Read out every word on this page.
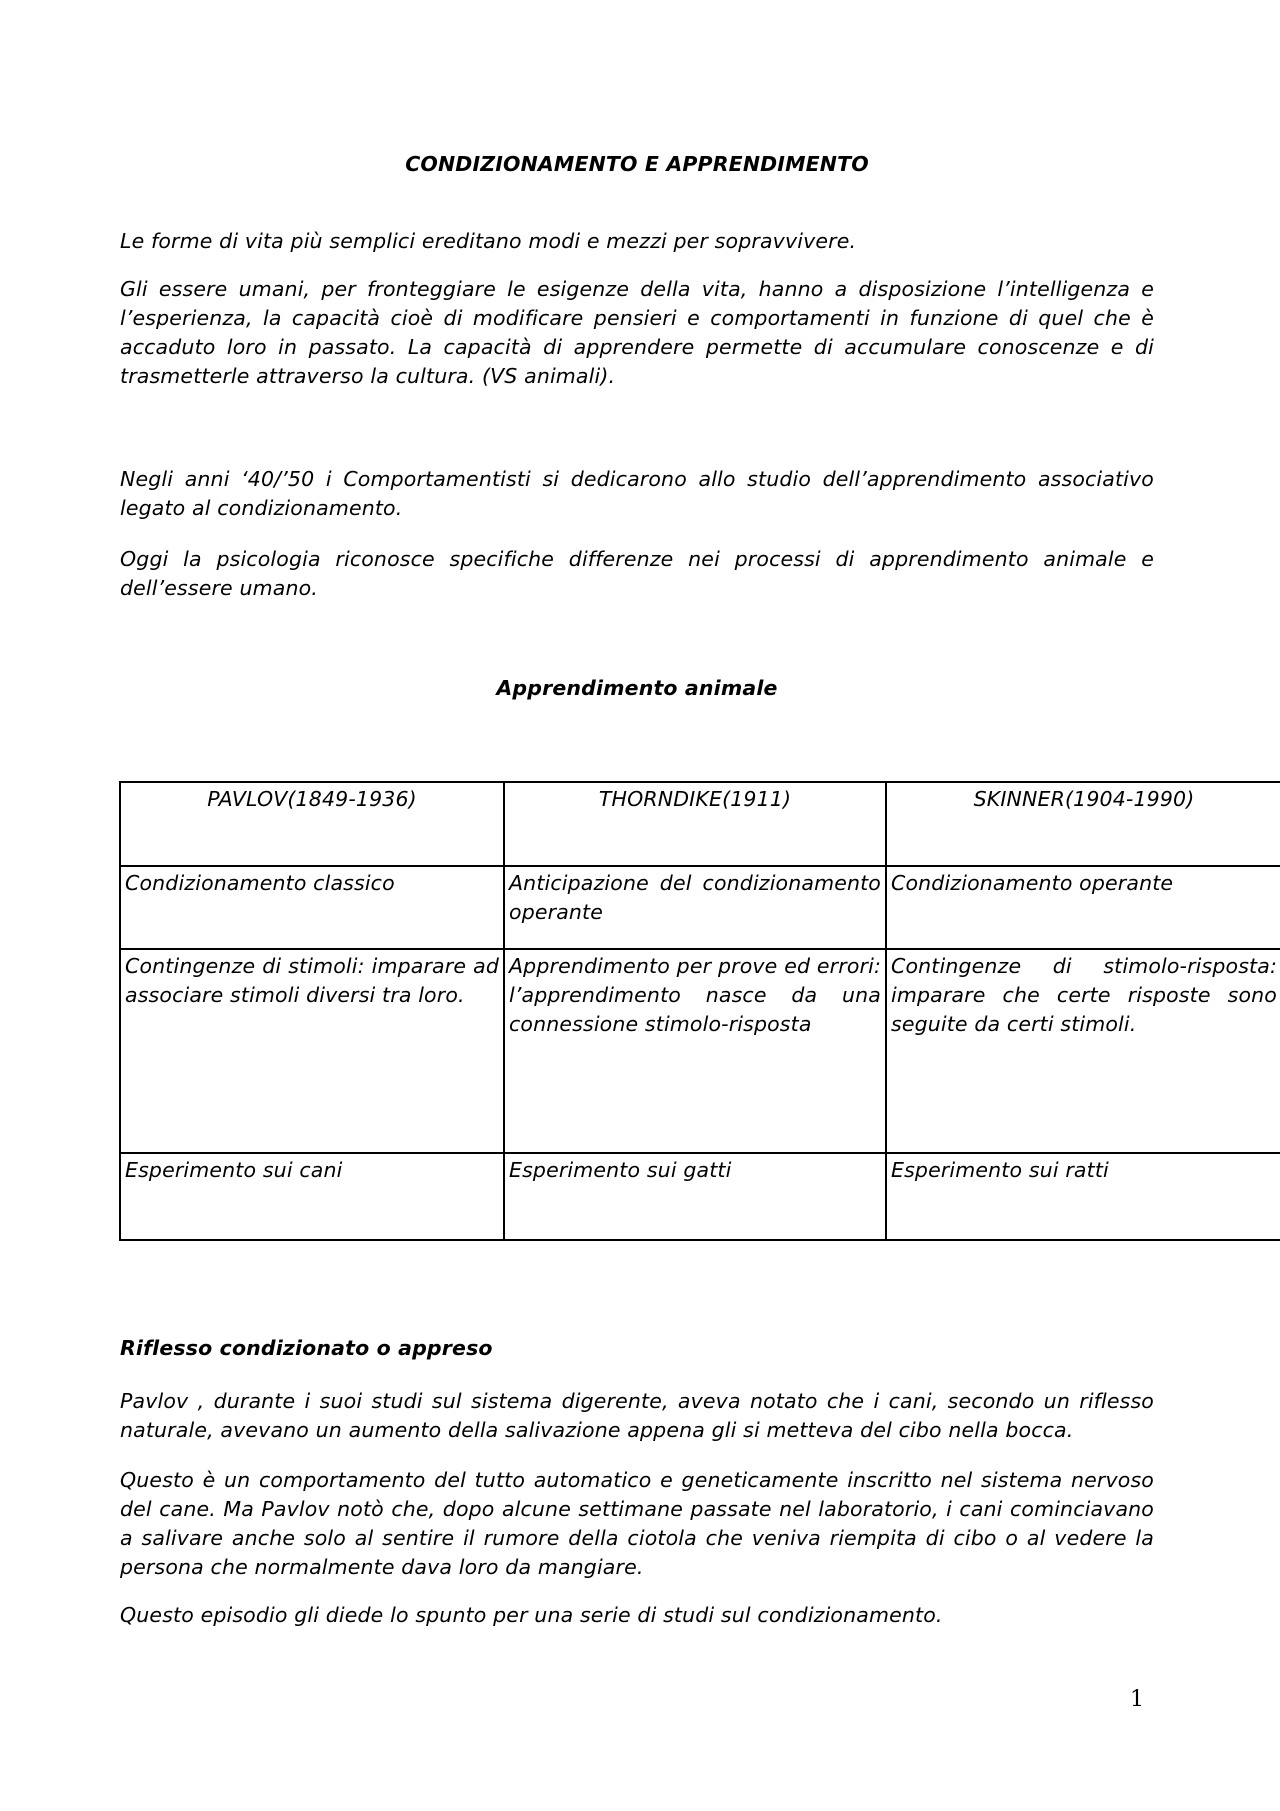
CONDIZIONAMENTO E APPRENDIMENTO

Le forme di vita più semplici ereditano modi e mezzi per sopravvivere.

Gli essere umani, per fronteggiare le esigenze della vita, hanno a disposizione l’intelligenza e l’esperienza, la capacità cioè di modificare pensieri e comportamenti in funzione di quel che è accaduto loro in passato. La capacità di apprendere permette di accumulare conoscenze e di trasmetterle attraverso la cultura. (VS animali).

Negli anni ‘40/’50 i Comportamentisti si dedicarono allo studio dell’apprendimento associativo legato al condizionamento.

Oggi la psicologia riconosce specifiche differenze nei processi di apprendimento animale e dell’essere umano.

Apprendimento animale
PAVLOV(1849-1936)	THORNDIKE(1911)	SKINNER(1904-1990)
Condizionamento classico	Anticipazione del condizionamento operante	Condizionamento operante
Contingenze di stimoli: imparare ad associare stimoli diversi tra loro.	Apprendimento per prove ed errori: l’apprendimento nasce da una connessione stimolo-risposta	Contingenze di stimolo-risposta: imparare che certe risposte sono seguite da certi stimoli.
Esperimento sui cani	Esperimento sui gatti	Esperimento sui ratti
Riflesso condizionato o appreso

Pavlov , durante i suoi studi sul sistema digerente, aveva notato che i cani, secondo un riflesso naturale, avevano un aumento della salivazione appena gli si metteva del cibo nella bocca.

Questo è un comportamento del tutto automatico e geneticamente inscritto nel sistema nervoso del cane. Ma Pavlov notò che, dopo alcune settimane passate nel laboratorio, i cani cominciavano a salivare anche solo al sentire il rumore della ciotola che veniva riempita di cibo o al vedere la persona che normalmente dava loro da mangiare.

Questo episodio gli diede lo spunto per una serie di studi sul condizionamento.

1
